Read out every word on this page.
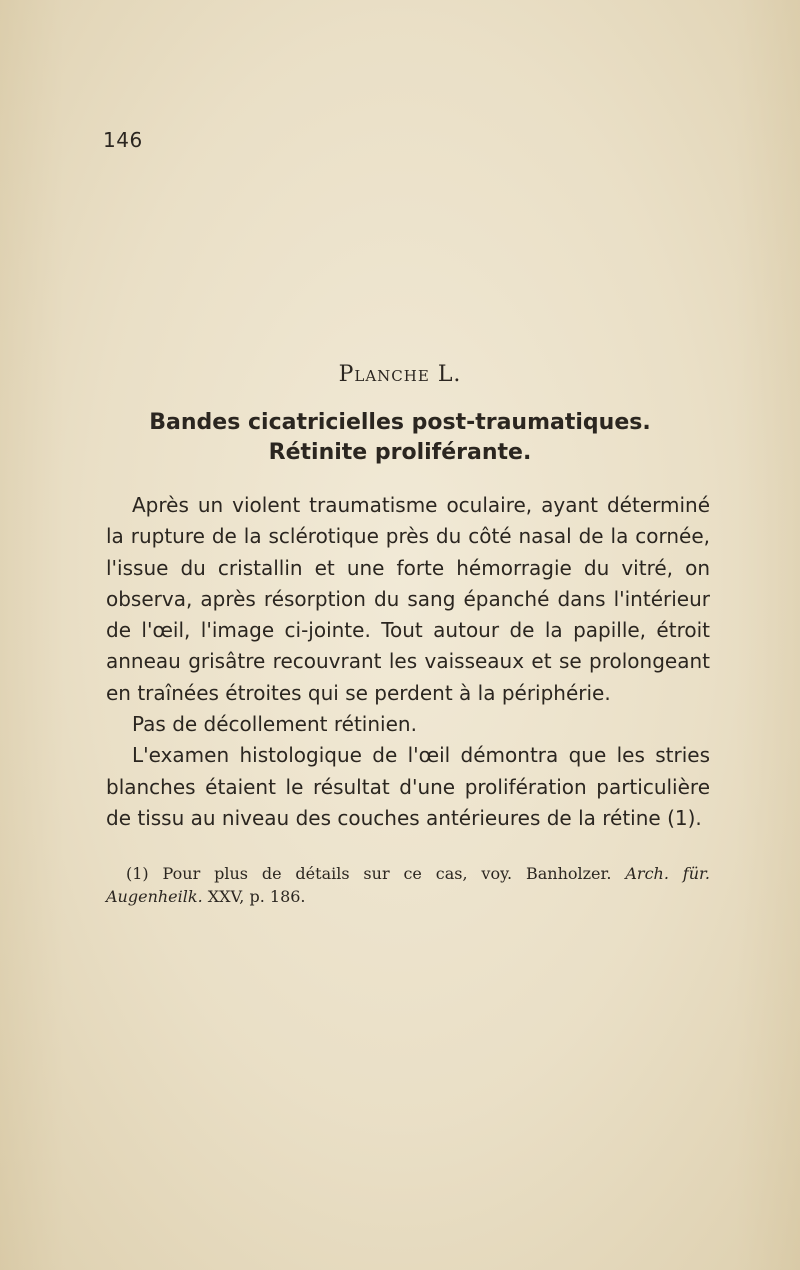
146
Planche L.
Bandes cicatricielles post-traumatiques.
Rétinite proliférante.

Après un violent traumatisme oculaire, ayant déterminé la rupture de la sclérotique près du côté nasal de la cornée, l'issue du cristallin et une forte hémorragie du vitré, on observa, après résorption du sang épanché dans l'intérieur de l'œil, l'image ci-jointe. Tout autour de la papille, étroit anneau grisâtre recouvrant les vaisseaux et se prolongeant en traînées étroites qui se perdent à la périphérie.

Pas de décollement rétinien.

L'examen histologique de l'œil démontra que les stries blanches étaient le résultat d'une prolifération particulière de tissu au niveau des couches antérieures de la rétine (1).

(1) Pour plus de détails sur ce cas, voy. Banholzer. Arch. für. Augenheilk. XXV, p. 186.
